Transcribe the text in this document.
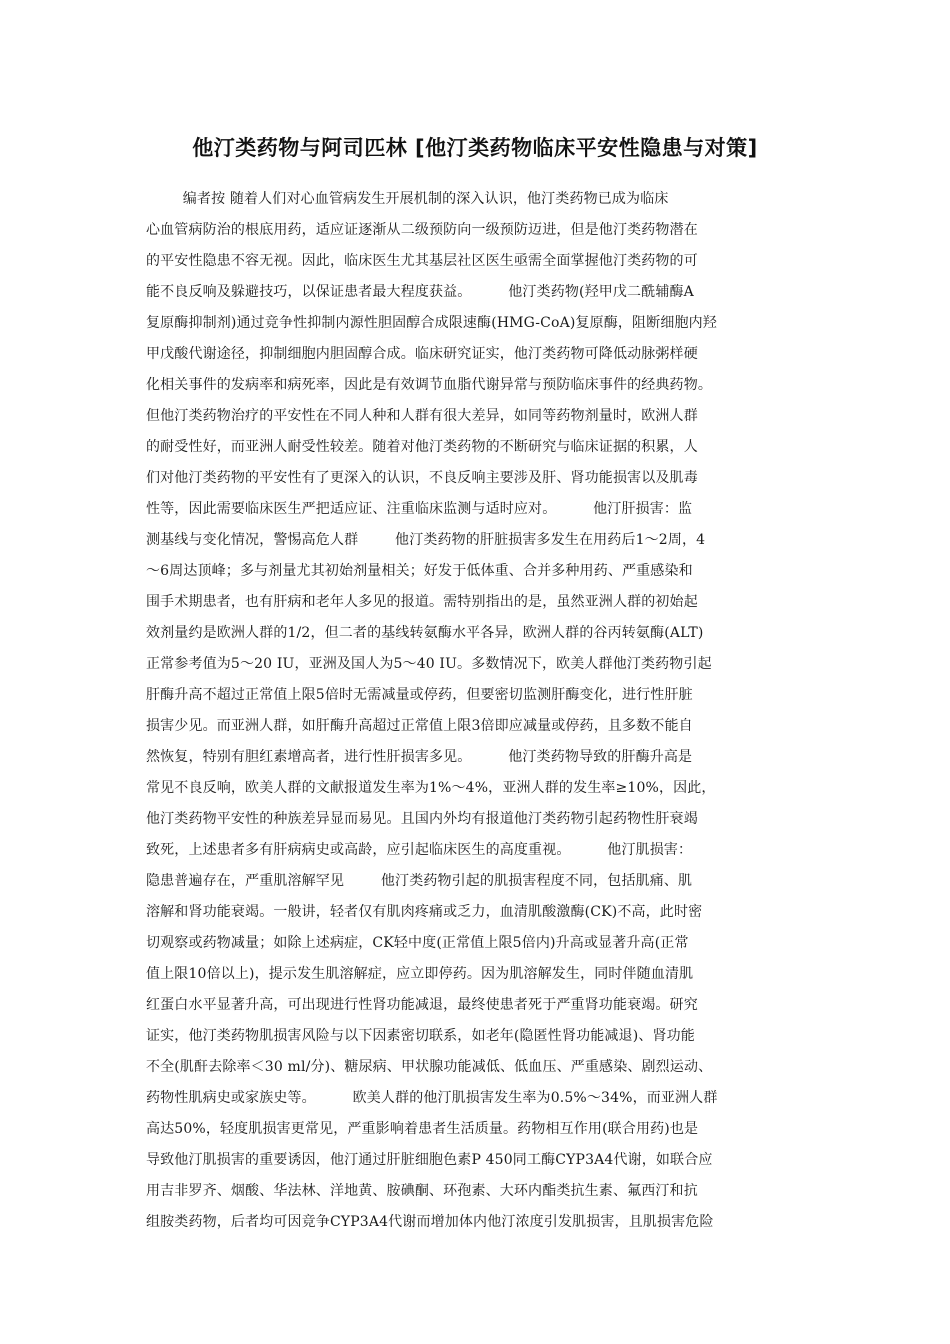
他汀类药物与阿司匹林 [他汀类药物临床平安性隐患与对策]
编者按 随着人们对心血管病发生开展机制的深入认识，他汀类药物已成为临床
心血管病防治的根底用药，适应证逐渐从二级预防向一级预防迈进，但是他汀类药物潜在
的平安性隐患不容无视。因此，临床医生尤其基层社区医生亟需全面掌握他汀类药物的可
能不良反响及躲避技巧，以保证患者最大程度获益。        他汀类药物(羟甲戊二酰辅酶A
复原酶抑制剂)通过竞争性抑制内源性胆固醇合成限速酶(HMG-CoA)复原酶，阻断细胞内羟
甲戊酸代谢途径，抑制细胞内胆固醇合成。临床研究证实，他汀类药物可降低动脉粥样硬
化相关事件的发病率和病死率，因此是有效调节血脂代谢异常与预防临床事件的经典药物。
但他汀类药物治疗的平安性在不同人种和人群有很大差异，如同等药物剂量时，欧洲人群
的耐受性好，而亚洲人耐受性较差。随着对他汀类药物的不断研究与临床证据的积累，人
们对他汀类药物的平安性有了更深入的认识，不良反响主要涉及肝、肾功能损害以及肌毒
性等，因此需要临床医生严把适应证、注重临床监测与适时应对。        他汀肝损害：监
测基线与变化情况，警惕高危人群        他汀类药物的肝脏损害多发生在用药后1～2周，4
～6周达顶峰；多与剂量尤其初始剂量相关；好发于低体重、合并多种用药、严重感染和
围手术期患者，也有肝病和老年人多见的报道。需特别指出的是，虽然亚洲人群的初始起
效剂量约是欧洲人群的1/2，但二者的基线转氨酶水平各异，欧洲人群的谷丙转氨酶(ALT)
正常参考值为5～20 IU，亚洲及国人为5～40 IU。多数情况下，欧美人群他汀类药物引起
肝酶升高不超过正常值上限5倍时无需减量或停药，但要密切监测肝酶变化，进行性肝脏
损害少见。而亚洲人群，如肝酶升高超过正常值上限3倍即应减量或停药，且多数不能自
然恢复，特别有胆红素增高者，进行性肝损害多见。        他汀类药物导致的肝酶升高是
常见不良反响，欧美人群的文献报道发生率为1%～4%，亚洲人群的发生率≥10%，因此，
他汀类药物平安性的种族差异显而易见。且国内外均有报道他汀类药物引起药物性肝衰竭
致死，上述患者多有肝病病史或高龄，应引起临床医生的高度重视。        他汀肌损害：
隐患普遍存在，严重肌溶解罕见        他汀类药物引起的肌损害程度不同，包括肌痛、肌
溶解和肾功能衰竭。一般讲，轻者仅有肌肉疼痛或乏力，血清肌酸激酶(CK)不高，此时密
切观察或药物减量；如除上述病症，CK轻中度(正常值上限5倍内)升高或显著升高(正常
值上限10倍以上)，提示发生肌溶解症，应立即停药。因为肌溶解发生，同时伴随血清肌
红蛋白水平显著升高，可出现进行性肾功能减退，最终使患者死于严重肾功能衰竭。研究
证实，他汀类药物肌损害风险与以下因素密切联系，如老年(隐匿性肾功能减退)、肾功能
不全(肌酐去除率＜30 ml/分)、糖尿病、甲状腺功能减低、低血压、严重感染、剧烈运动、
药物性肌病史或家族史等。        欧美人群的他汀肌损害发生率为0.5%～34%，而亚洲人群
高达50%，轻度肌损害更常见，严重影响着患者生活质量。药物相互作用(联合用药)也是
导致他汀肌损害的重要诱因，他汀通过肝脏细胞色素P 450同工酶CYP3A4代谢，如联合应
用吉非罗齐、烟酸、华法林、洋地黄、胺碘酮、环孢素、大环内酯类抗生素、氟西汀和抗
组胺类药物，后者均可因竞争CYP3A4代谢而增加体内他汀浓度引发肌损害，且肌损害危险
